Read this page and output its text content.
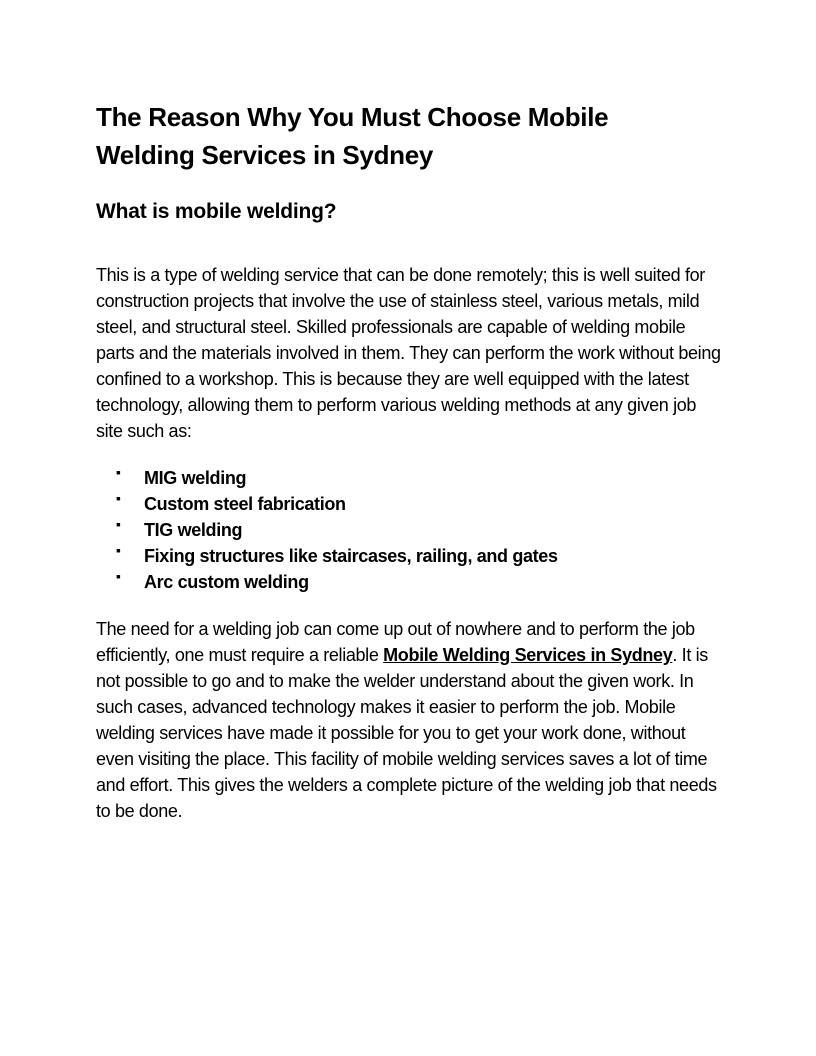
The Reason Why You Must Choose Mobile
Welding Services in Sydney
What is mobile welding?

This is a type of welding service that can be done remotely; this is well suited for construction projects that involve the use of stainless steel, various metals, mild steel, and structural steel. Skilled professionals are capable of welding mobile parts and the materials involved in them. They can perform the work without being confined to a workshop. This is because they are well equipped with the latest technology, allowing them to perform various welding methods at any given job site such as:

▪ MIG welding
▪ Custom steel fabrication
▪ TIG welding
▪ Fixing structures like staircases, railing, and gates
▪ Arc custom welding

The need for a welding job can come up out of nowhere and to perform the job efficiently, one must require a reliable Mobile Welding Services in Sydney. It is not possible to go and to make the welder understand about the given work. In such cases, advanced technology makes it easier to perform the job. Mobile welding services have made it possible for you to get your work done, without even visiting the place. This facility of mobile welding services saves a lot of time and effort. This gives the welders a complete picture of the welding job that needs to be done.
